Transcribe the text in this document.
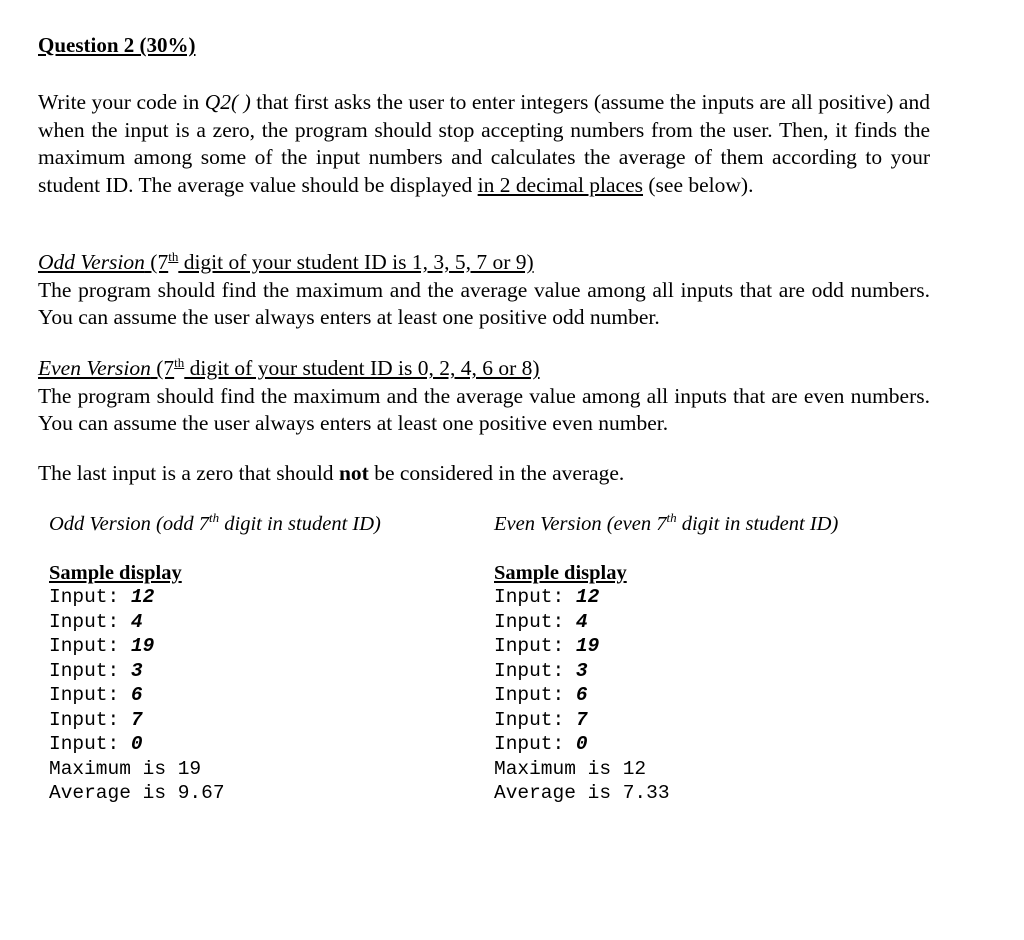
Question 2 (30%)

Write your code in Q2( ) that first asks the user to enter integers (assume the inputs are all positive) and when the input is a zero, the program should stop accepting numbers from the user. Then, it finds the maximum among some of the input numbers and calculates the average of them according to your student ID. The average value should be displayed in 2 decimal places (see below).

Odd Version (7th digit of your student ID is 1, 3, 5, 7 or 9)
The program should find the maximum and the average value among all inputs that are odd numbers. You can assume the user always enters at least one positive odd number.
Even Version (7th digit of your student ID is 0, 2, 4, 6 or 8)
The program should find the maximum and the average value among all inputs that are even numbers. You can assume the user always enters at least one positive even number.

The last input is a zero that should not be considered in the average.

Odd Version (odd 7th digit in student ID)

Sample display
Input: 12
Input: 4
Input: 19
Input: 3
Input: 6
Input: 7
Input: 0
Maximum is 19
Average is 9.67

Even Version (even 7th digit in student ID)

Sample display
Input: 12
Input: 4
Input: 19
Input: 3
Input: 6
Input: 7
Input: 0
Maximum is 12
Average is 7.33
